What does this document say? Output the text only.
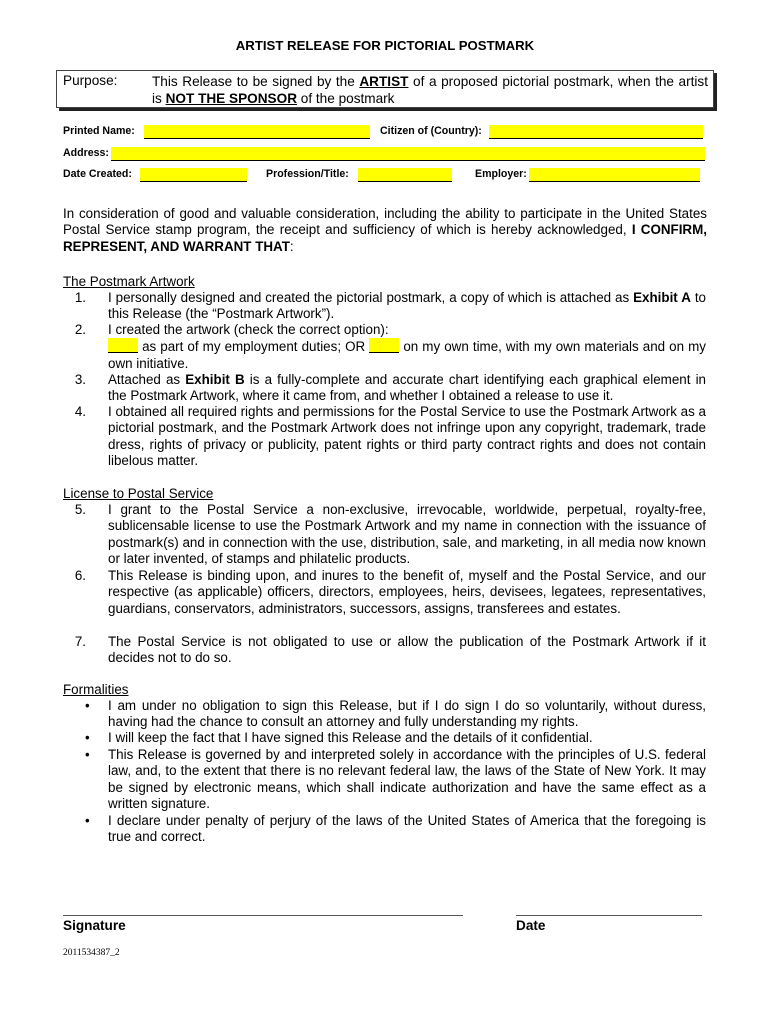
ARTIST RELEASE FOR PICTORIAL POSTMARK
Purpose:	This Release to be signed by the ARTIST of a proposed pictorial postmark, when the artist is NOT THE SPONSOR of the postmark
Printed Name:	Citizen of (Country):
Address:
Date Created:	Profession/Title:	Employer:
In consideration of good and valuable consideration, including the ability to participate in the United States Postal Service stamp program, the receipt and sufficiency of which is hereby acknowledged, I CONFIRM, REPRESENT, AND WARRANT THAT:
The Postmark Artwork
1. I personally designed and created the pictorial postmark, a copy of which is attached as Exhibit A to this Release (the “Postmark Artwork”).
2. I created the artwork (check the correct option):
as part of my employment duties; OR  on my own time, with my own materials and on my own initiative.
3. Attached as Exhibit B is a fully-complete and accurate chart identifying each graphical element in the Postmark Artwork, where it came from, and whether I obtained a release to use it.
4. I obtained all required rights and permissions for the Postal Service to use the Postmark Artwork as a pictorial postmark, and the Postmark Artwork does not infringe upon any copyright, trademark, trade dress, rights of privacy or publicity, patent rights or third party contract rights and does not contain libelous matter.
License to Postal Service
5. I grant to the Postal Service a non-exclusive, irrevocable, worldwide, perpetual, royalty-free, sublicensable license to use the Postmark Artwork and my name in connection with the issuance of postmark(s) and in connection with the use, distribution, sale, and marketing, in all media now known or later invented, of stamps and philatelic products.
6. This Release is binding upon, and inures to the benefit of, myself and the Postal Service, and our respective (as applicable) officers, directors, employees, heirs, devisees, legatees, representatives, guardians, conservators, administrators, successors, assigns, transferees and estates.
7. The Postal Service is not obligated to use or allow the publication of the Postmark Artwork if it decides not to do so.
Formalities
• I am under no obligation to sign this Release, but if I do sign I do so voluntarily, without duress, having had the chance to consult an attorney and fully understanding my rights.
• I will keep the fact that I have signed this Release and the details of it confidential.
• This Release is governed by and interpreted solely in accordance with the principles of U.S. federal law, and, to the extent that there is no relevant federal law, the laws of the State of New York. It may be signed by electronic means, which shall indicate authorization and have the same effect as a written signature.
• I declare under penalty of perjury of the laws of the United States of America that the foregoing is true and correct.
Signature	Date
2011534387_2
